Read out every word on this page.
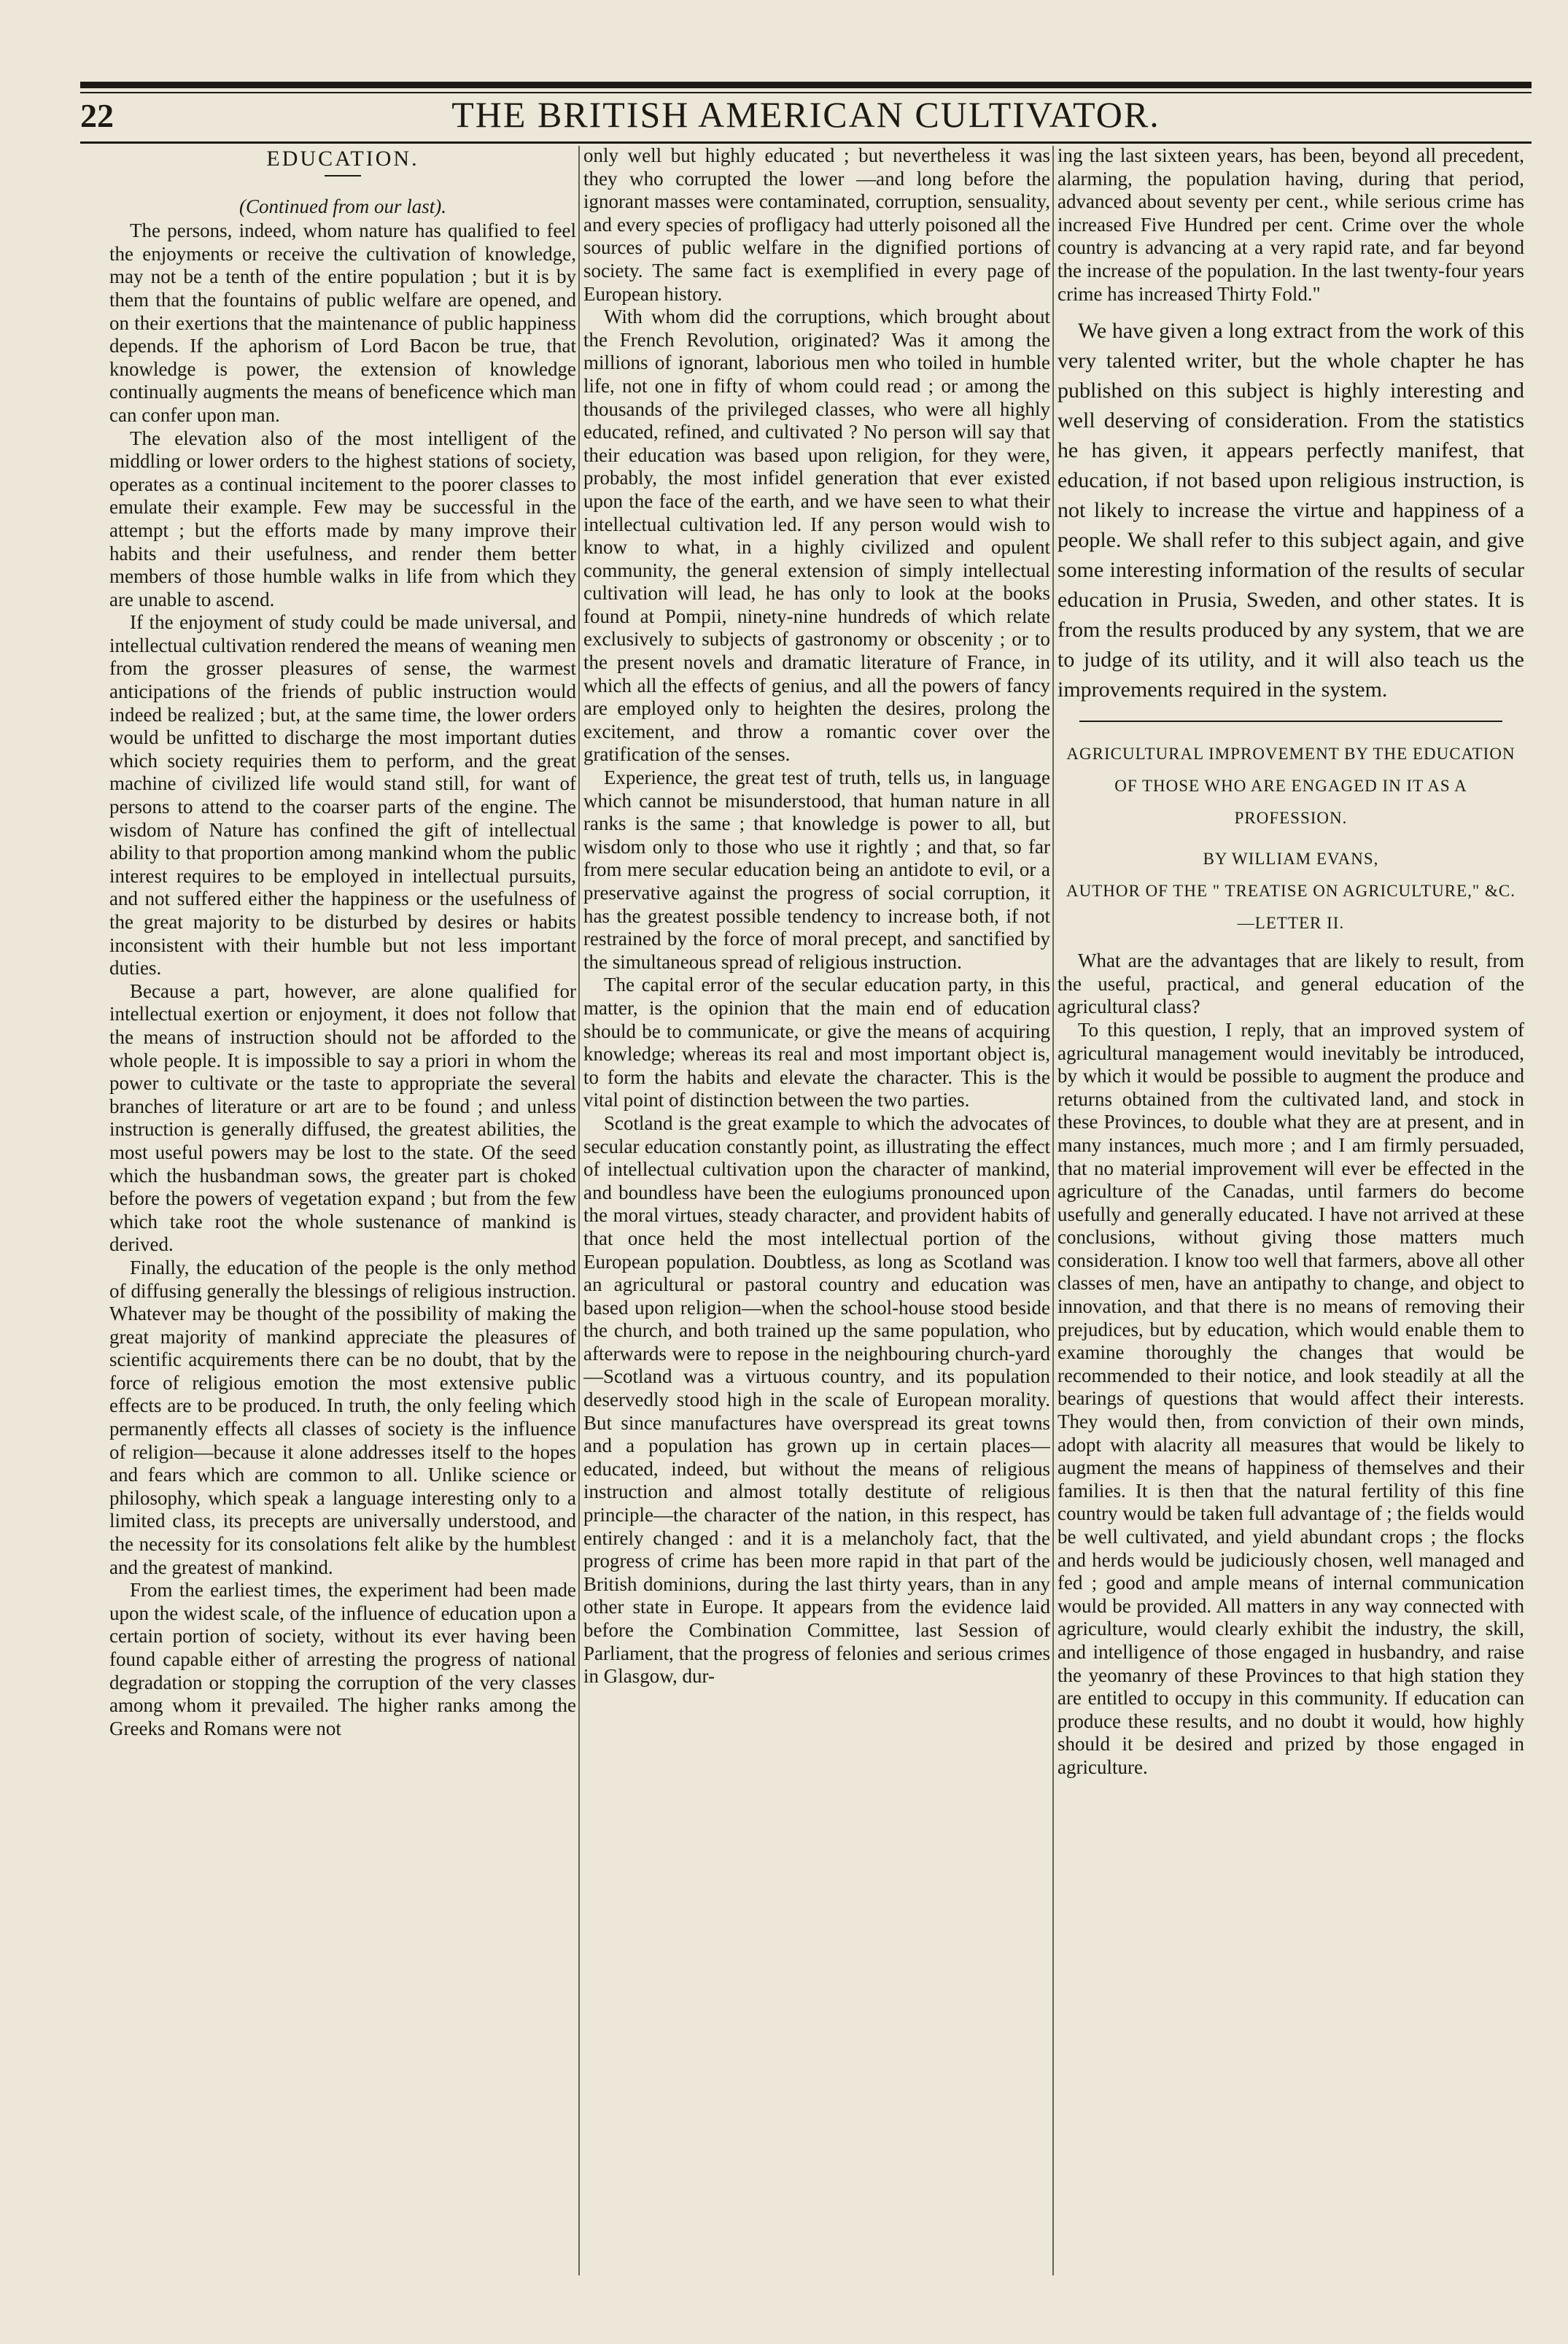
22	THE BRITISH AMERICAN CULTIVATOR.
EDUCATION.
(Continued from our last).

The persons, indeed, whom nature has qualified to feel the enjoyments or receive the cultivation of knowledge, may not be a tenth of the entire population ; but it is by them that the fountains of public welfare are opened, and on their exertions that the maintenance of public happiness depends. If the aphorism of Lord Bacon be true, that knowledge is power, the extension of knowledge continually augments the means of beneficence which man can confer upon man.

The elevation also of the most intelligent of the middling or lower orders to the highest stations of society, operates as a continual incitement to the poorer classes to emulate their example. Few may be successful in the attempt ; but the efforts made by many improve their habits and their usefulness, and render them better members of those humble walks in life from which they are unable to ascend.

If the enjoyment of study could be made universal, and intellectual cultivation rendered the means of weaning men from the grosser pleasures of sense, the warmest anticipations of the friends of public instruction would indeed be realized ; but, at the same time, the lower orders would be unfitted to discharge the most important duties which society requiries them to perform, and the great machine of civilized life would stand still, for want of persons to attend to the coarser parts of the engine. The wisdom of Nature has confined the gift of intellectual ability to that proportion among mankind whom the public interest requires to be employed in intellectual pursuits, and not suffered either the happiness or the usefulness of the great majority to be disturbed by desires or habits inconsistent with their humble but not less important duties.

Because a part, however, are alone qualified for intellectual exertion or enjoyment, it does not follow that the means of instruction should not be afforded to the whole people. It is impossible to say a priori in whom the power to cultivate or the taste to appropriate the several branches of literature or art are to be found ; and unless instruction is generally diffused, the greatest abilities, the most useful powers may be lost to the state. Of the seed which the husbandman sows, the greater part is choked before the powers of vegetation expand ; but from the few which take root the whole sustenance of mankind is derived.

Finally, the education of the people is the only method of diffusing generally the blessings of religious instruction. Whatever may be thought of the possibility of making the great majority of mankind appreciate the pleasures of scientific acquirements there can be no doubt, that by the force of religious emotion the most extensive public effects are to be produced. In truth, the only feeling which permanently effects all classes of society is the influence of religion—because it alone addresses itself to the hopes and fears which are common to all. Unlike science or philosophy, which speak a language interesting only to a limited class, its precepts are universally understood, and the necessity for its consolations felt alike by the humblest and the greatest of mankind.

From the earliest times, the experiment had been made upon the widest scale, of the influence of education upon a certain portion of society, without its ever having been found capable either of arresting the progress of national degradation or stopping the corruption of the very classes among whom it prevailed. The higher ranks among the Greeks and Romans were not

only well but highly educated ; but nevertheless it was they who corrupted the lower —and long before the ignorant masses were contaminated, corruption, sensuality, and every species of profligacy had utterly poisoned all the sources of public welfare in the dignified portions of society. The same fact is exemplified in every page of European history.

With whom did the corruptions, which brought about the French Revolution, originated? Was it among the millions of ignorant, laborious men who toiled in humble life, not one in fifty of whom could read ; or among the thousands of the privileged classes, who were all highly educated, refined, and cultivated ? No person will say that their education was based upon religion, for they were, probably, the most infidel generation that ever existed upon the face of the earth, and we have seen to what their intellectual cultivation led. If any person would wish to know to what, in a highly civilized and opulent community, the general extension of simply intellectual cultivation will lead, he has only to look at the books found at Pompii, ninety-nine hundreds of which relate exclusively to subjects of gastronomy or obscenity ; or to the present novels and dramatic literature of France, in which all the effects of genius, and all the powers of fancy are employed only to heighten the desires, prolong the excitement, and throw a romantic cover over the gratification of the senses.

Experience, the great test of truth, tells us, in language which cannot be misunderstood, that human nature in all ranks is the same ; that knowledge is power to all, but wisdom only to those who use it rightly ; and that, so far from mere secular education being an antidote to evil, or a preservative against the progress of social corruption, it has the greatest possible tendency to increase both, if not restrained by the force of moral precept, and sanctified by the simultaneous spread of religious instruction.

The capital error of the secular education party, in this matter, is the opinion that the main end of education should be to communicate, or give the means of acquiring knowledge; whereas its real and most important object is, to form the habits and elevate the character. This is the vital point of distinction between the two parties.

Scotland is the great example to which the advocates of secular education constantly point, as illustrating the effect of intellectual cultivation upon the character of mankind, and boundless have been the eulogiums pronounced upon the moral virtues, steady character, and provident habits of that once held the most intellectual portion of the European population. Doubtless, as long as Scotland was an agricultural or pastoral country and education was based upon religion—when the school-house stood beside the church, and both trained up the same population, who afterwards were to repose in the neighbouring church-yard—Scotland was a virtuous country, and its population deservedly stood high in the scale of European morality. But since manufactures have overspread its great towns and a population has grown up in certain places—educated, indeed, but without the means of religious instruction and almost totally destitute of religious principle—the character of the nation, in this respect, has entirely changed : and it is a melancholy fact, that the progress of crime has been more rapid in that part of the British dominions, during the last thirty years, than in any other state in Europe. It appears from the evidence laid before the Combination Committee, last Session of Parliament, that the progress of felonies and serious crimes in Glasgow, dur-

ing the last sixteen years, has been, beyond all precedent, alarming, the population having, during that period, advanced about seventy per cent., while serious crime has increased Five Hundred per cent. Crime over the whole country is advancing at a very rapid rate, and far beyond the increase of the population. In the last twenty-four years crime has increased Thirty Fold."

We have given a long extract from the work of this very talented writer, but the whole chapter he has published on this subject is highly interesting and well deserving of consideration. From the statistics he has given, it appears perfectly manifest, that education, if not based upon religious instruction, is not likely to increase the virtue and happiness of a people. We shall refer to this subject again, and give some interesting information of the results of secular education in Prusia, Sweden, and other states. It is from the results produced by any system, that we are to judge of its utility, and it will also teach us the improvements required in the system.

AGRICULTURAL IMPROVEMENT BY THE EDUCATION OF THOSE WHO ARE ENGAGED IN IT AS A PROFESSION.
BY WILLIAM EVANS,
AUTHOR OF THE " TREATISE ON AGRICULTURE," &C.—LETTER II.

What are the advantages that are likely to result, from the useful, practical, and general education of the agricultural class?

To this question, I reply, that an improved system of agricultural management would inevitably be introduced, by which it would be possible to augment the produce and returns obtained from the cultivated land, and stock in these Provinces, to double what they are at present, and in many instances, much more ; and I am firmly persuaded, that no material improvement will ever be effected in the agriculture of the Canadas, until farmers do become usefully and generally educated. I have not arrived at these conclusions, without giving those matters much consideration. I know too well that farmers, above all other classes of men, have an antipathy to change, and object to innovation, and that there is no means of removing their prejudices, but by education, which would enable them to examine thoroughly the changes that would be recommended to their notice, and look steadily at all the bearings of questions that would affect their interests. They would then, from conviction of their own minds, adopt with alacrity all measures that would be likely to augment the means of happiness of themselves and their families. It is then that the natural fertility of this fine country would be taken full advantage of ; the fields would be well cultivated, and yield abundant crops ; the flocks and herds would be judiciously chosen, well managed and fed ; good and ample means of internal communication would be provided. All matters in any way connected with agriculture, would clearly exhibit the industry, the skill, and intelligence of those engaged in husbandry, and raise the yeomanry of these Provinces to that high station they are entitled to occupy in this community. If education can produce these results, and no doubt it would, how highly should it be desired and prized by those engaged in agriculture.
